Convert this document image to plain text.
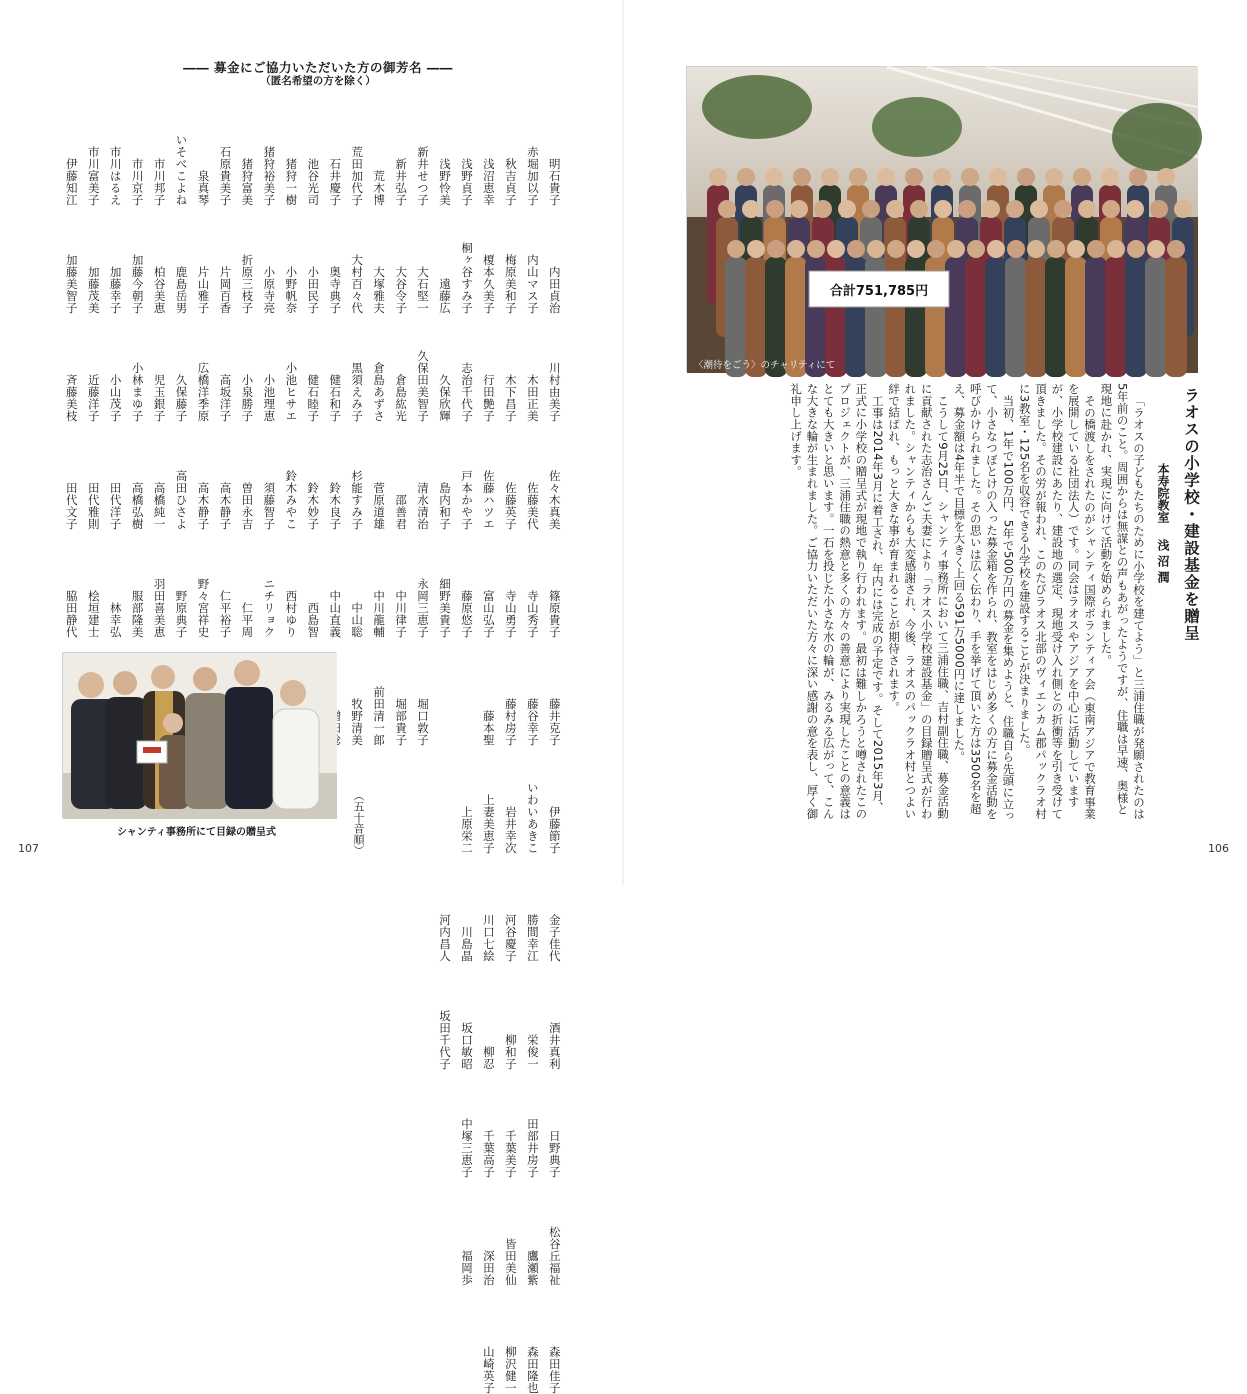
―― 募金にご協力いただいた方の御芳名 ――
（匿名希望の方を除く）
明石貴子
内田貞治
川村由美子
佐々木真美
篠原貴子
藤井克子
赤堀加以子
内山マス子
木田正美
佐藤美代
寺山秀子
藤谷幸子
秋吉貞子
梅原美和子
木下昌子
佐藤英子
寺山勇子
藤村房子
浅沼恵幸
榎本久美子
行田艶子
佐藤ハツエ
富山弘子
藤本聖
浅野貞子
桐ヶ谷すみ子
志治千代子
戸本かや子
藤原悠子
浅野怜美
遠藤広
久保欣輝
島内和子
細野美貴子
新井せつ子
大石堅一
久保田美智子
清水清治
永岡三恵子
堀口敦子
新井弘子
大谷令子
倉島紘光
邵善君
中川律子
堀部貴子
荒木博
大塚雅夫
倉島あずさ
菅原道雄
中川龍輔
前田清一郎
荒田加代子
大村百々代
黒須えみ子
杉能すみ子
中山聡
牧野清美
石井慶子
奥寺典子
健石和子
鈴木良子
中山直義
池谷光司
小田民子
健石睦子
鈴木妙子
西島智
猪狩一樹
小野帆奈
小池ヒサエ
鈴木みやこ
西村ゆり
猪狩裕美子
小原寺亮
小池理恵
須藤智子
ニチリョク
猪狩富美
折原三枝子
小泉勝子
曽田永吉
仁平周
石原貴美子
片岡百香
高坂洋子
高木静子
仁平裕子
泉真琴
片山雅子
広橋洋季原
高木静子
野々宮祥史
いそべこよね
鹿島岳男
久保藤子
高田ひさよ
野原典子
市川邦子
柏谷美恵
児玉銀子
高橋純一
羽田喜美恵
市川京子
加藤今朝子
小林まゆ子
高橋弘樹
服部隆美
市川はるえ
加藤幸子
小山茂子
田代洋子
林幸弘
市川富美子
加藤茂美
近藤洋子
田代雅則
桧垣建士
伊藤知江
加藤美智子
斉藤美枝
田代文子
脇田静代
伊藤節子
金子佳代
酒井真利
日野典子
松谷丘福祉
森田佳子
いわいあきこ
勝間幸江
栄俊一
田部井房子
鷹瀬紫
森田隆也
岩井幸次
河谷慶子
柳和子
千葉美子
皆田美仙
柳沢健一
上妻美恵子
川口七絵
柳忍
千葉高子
深田治
山崎英子
上原栄二
川島晶
坂口敏昭
中塚三恵子
福岡歩
河内昌人
坂田千代子
シャンティ事務所にて目録の贈呈式	（五十音順）
107
合計751,785円
〈潮待をごう〉のチャリティにて
ラオスの小学校・建設基金を贈呈
本寿院教室 浅沼潤
「ラオスの子どもたちのために小学校を建てよう」と三浦住職が発願されたのは5年前のこと。周囲からは無謀との声もあがったようですが、住職は早速、奥様と現地に赴かれ、実現に向けて活動を始められました。
その橋渡しをされたのがシャンティ国際ボランティア会（東南アジアで教育事業を展開している社団法人）です。同会はラオスやアジアを中心に活動していますが、小学校建設にあたり、建設地の選定、現地受け入れ側との折衝等を引き受けて頂きました。その労が報われ、このたびラオス北部のヴィエンカム郡パックラオ村に3教室・125名を収容できる小学校を建設することが決まりました。
当初、1年で100万円、5年で500万円の募金を集めようと、住職自ら先頭に立って、小さなつぼとけの入った募金箱を作られ、教室をはじめ多くの方に募金活動を呼びかけられました。その思いは広く伝わり、手を挙げて頂いた方は3500名を超え、募金額は4年半で目標を大きく上回る591万5000円に達しました。
こうして9月25日、シャンティ事務所において三浦住職、吉村副住職、募金活動に貢献された志治さんご夫妻により「ラオス小学校建設基金」の目録贈呈式が行われました。シャンティからも大変感謝され、今後、ラオスのパックラオ村とつよい絆で結ばれ、もっと大きな事が育まれることが期待されます。
工事は2014年3月に着工され、年内には完成の予定です。そして2015年3月、正式に小学校の贈呈式が現地で執り行われます。最初は難しかろうと噂されたこのプロジェクトが、三浦住職の熱意と多くの方々の善意により実現したことの意義はとても大きいと思います。一石を投じた小さな水の輪が、みるみる広がって、こんな大きな輪が生まれました。ご協力いただいた方々に深い感謝の意を表し、厚く御礼申し上げます。
106
